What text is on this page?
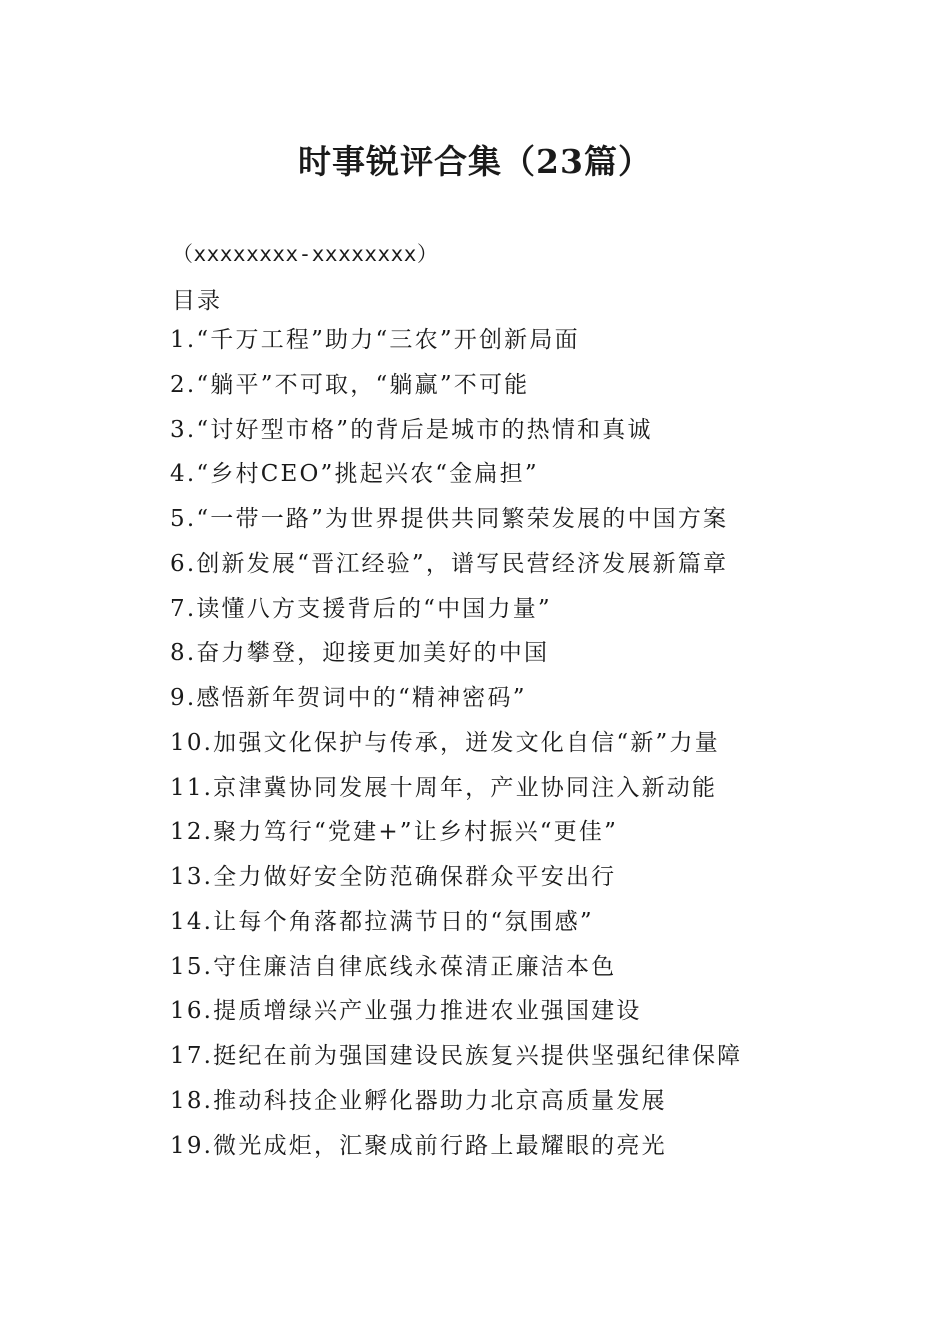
时事锐评合集（23篇）
（xxxxxxxx-xxxxxxxx）
目录
1.“千万工程”助力“三农”开创新局面
2.“躺平”不可取，“躺赢”不可能
3.“讨好型市格”的背后是城市的热情和真诚
4.“乡村CEO”挑起兴农“金扁担”
5.“一带一路”为世界提供共同繁荣发展的中国方案
6.创新发展“晋江经验”，谱写民营经济发展新篇章
7.读懂八方支援背后的“中国力量”
8.奋力攀登，迎接更加美好的中国
9.感悟新年贺词中的“精神密码”
10.加强文化保护与传承，迸发文化自信“新”力量
11.京津冀协同发展十周年，产业协同注入新动能
12.聚力笃行“党建+”让乡村振兴“更佳”
13.全力做好安全防范确保群众平安出行
14.让每个角落都拉满节日的“氛围感”
15.守住廉洁自律底线永葆清正廉洁本色
16.提质增绿兴产业强力推进农业强国建设
17.挺纪在前为强国建设民族复兴提供坚强纪律保障
18.推动科技企业孵化器助力北京高质量发展
19.微光成炬，汇聚成前行路上最耀眼的亮光
